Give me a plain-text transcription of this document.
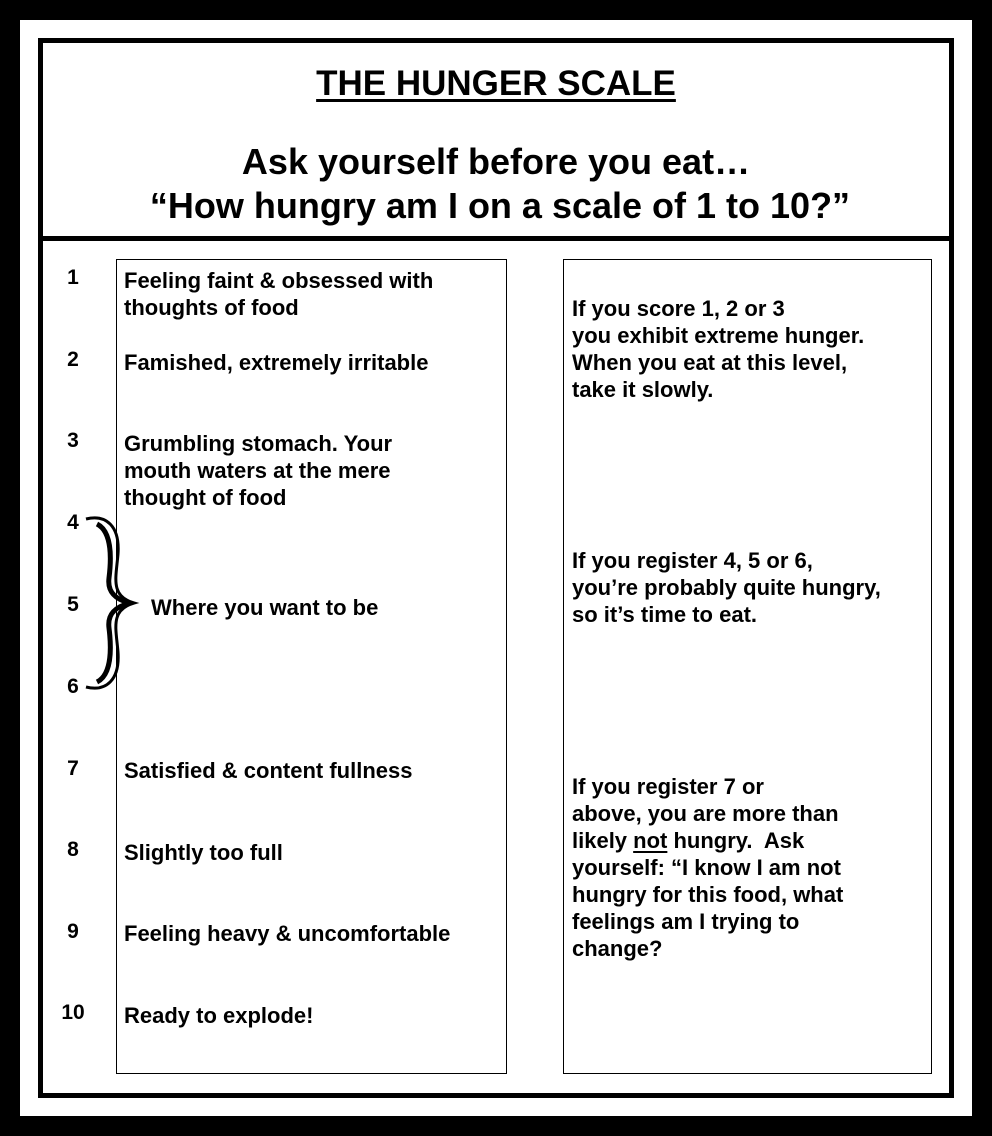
THE HUNGER SCALE
Ask yourself before you eat…
“How hungry am I on a scale of 1 to 10?”
1
2
3
4
5
6
7
8
9
10
Feeling faint & obsessed with
thoughts of food
Famished, extremely irritable
Grumbling stomach. Your
mouth waters at the mere
thought of food
Where you want to be
Satisfied & content fullness
Slightly too full
Feeling heavy & uncomfortable
Ready to explode!
If you score 1, 2 or 3
you exhibit extreme hunger.
When you eat at this level,
take it slowly.
If you register 4, 5 or 6,
you’re probably quite hungry,
so it’s time to eat.
If you register 7 or
above, you are more than
likely not hungry.  Ask
yourself: “I know I am not
hungry for this food, what
feelings am I trying to
change?
